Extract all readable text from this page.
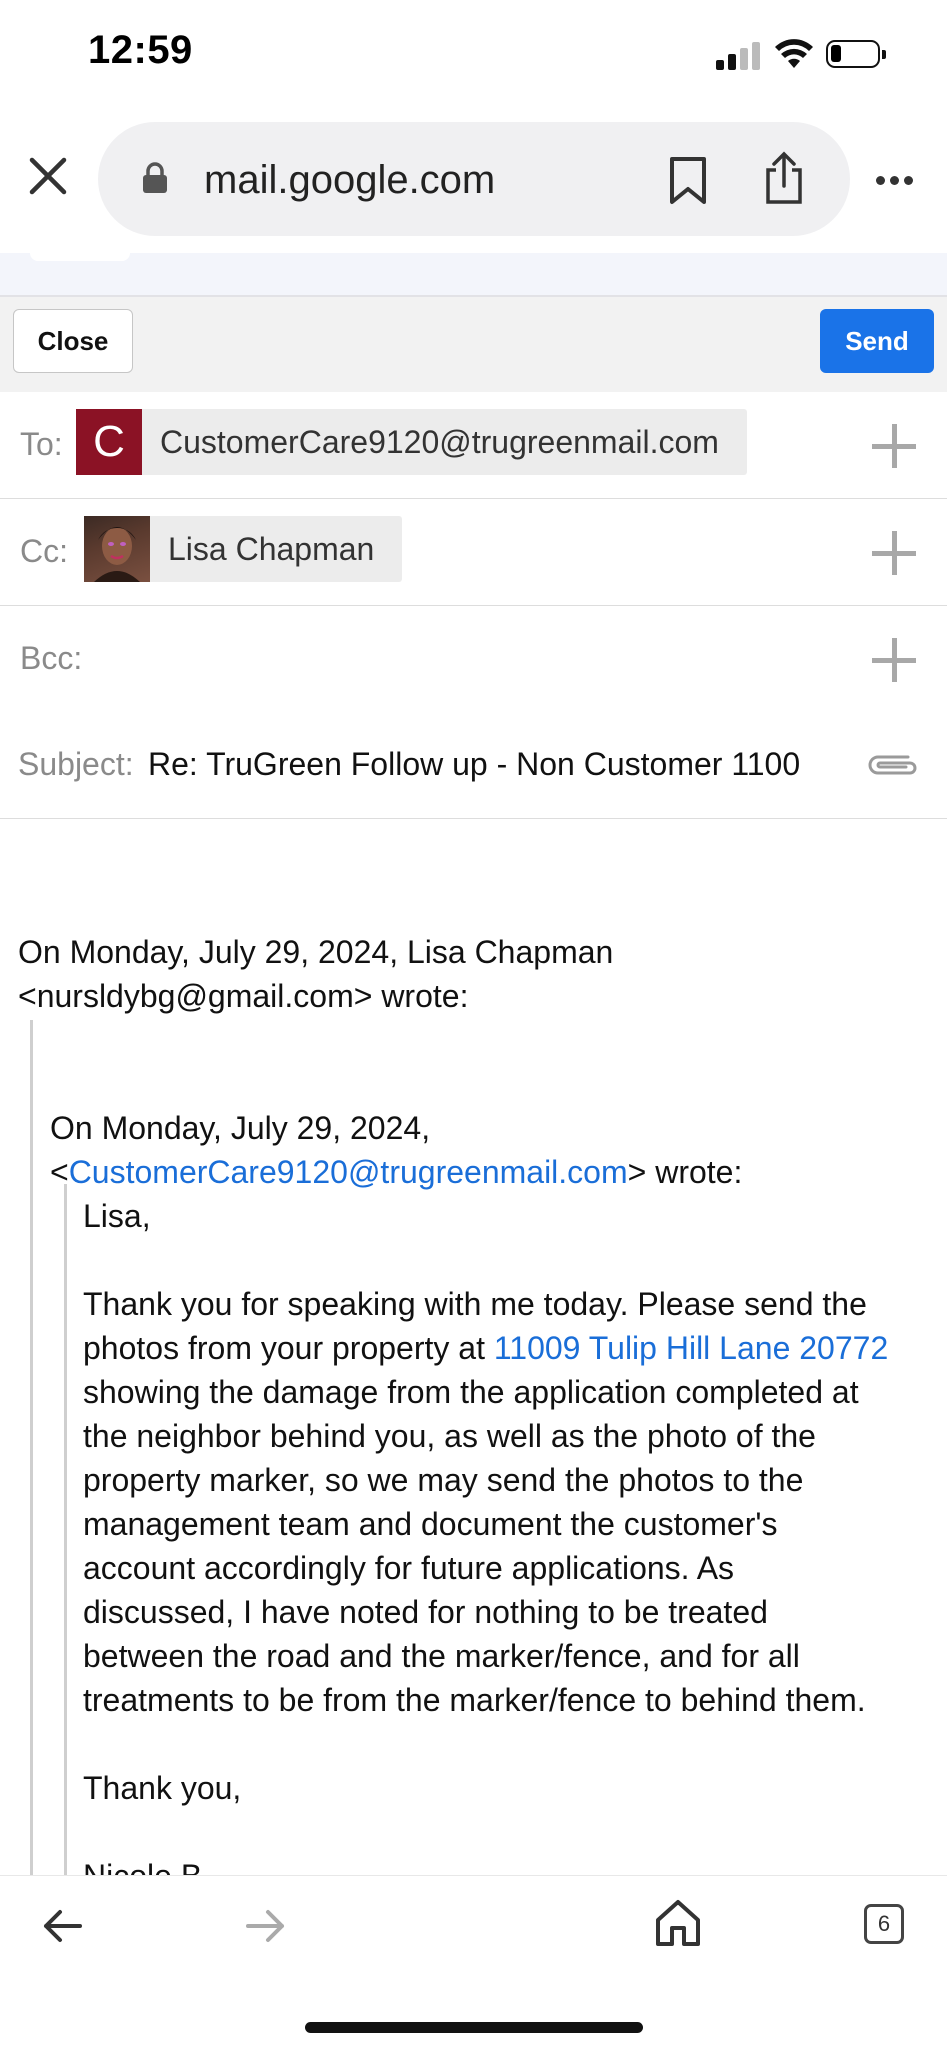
12:59
mail.google.com
Close	Send
To: C	CustomerCare9120@trugreenmail.com
Cc:	Lisa Chapman
Bcc:
Subject: Re: TruGreen Follow up - Non Customer 1100

On Monday, July 29, 2024, Lisa Chapman

<nursldybg@gmail.com> wrote:

On Monday, July 29, 2024,

<CustomerCare9120@trugreenmail.com> wrote:

Lisa,

Thank you for speaking with me today. Please send the

photos from your property at 11009 Tulip Hill Lane 20772

showing the damage from the application completed at

the neighbor behind you, as well as the photo of the

property marker, so we may send the photos to the

management team and document the customer's

account accordingly for future applications. As

discussed, I have noted for nothing to be treated

between the road and the marker/fence, and for all

treatments to be from the marker/fence to behind them.

Thank you,

6
